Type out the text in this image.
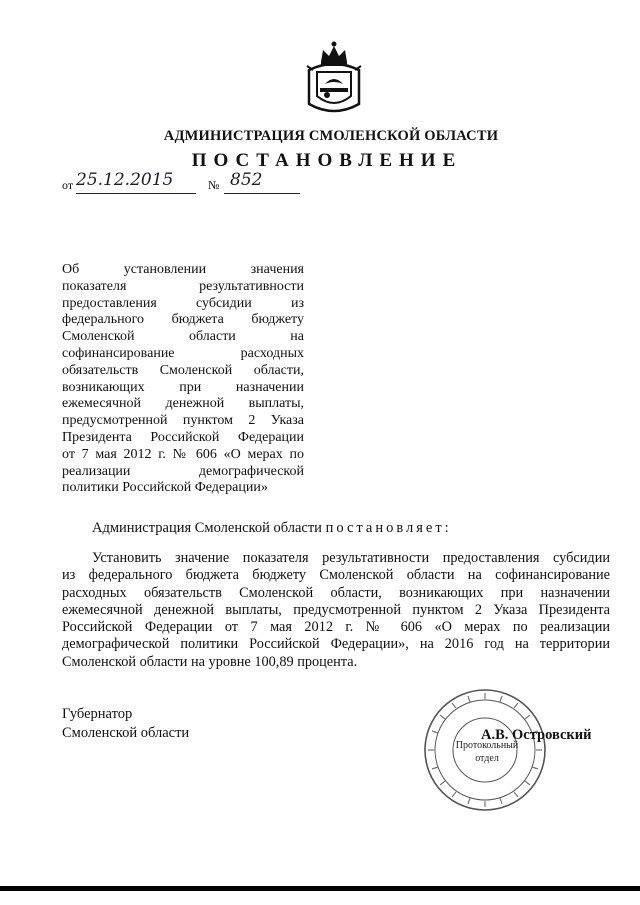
АДМИНИСТРАЦИЯ СМОЛЕНСКОЙ ОБЛАСТИ
ПОСТАНОВЛЕНИЕ
от 25.12.2015	№ 852
Об	установлении	значения
показателя	результативности
предоставления	субсидии	из
федерального бюджета бюджету
Смоленской	области	на
софинансирование	расходных
обязательств Смоленской области,
возникающих при назначении
ежемесячной денежной выплаты,
предусмотренной пунктом 2 Указа
Президента Российской Федерации
от 7 мая 2012 г. № 606 «О мерах по
реализации	демографической
политики Российской Федерации»
Администрация Смоленской области постановляет:
Установить значение показателя результативности предоставления субсидии
из федерального бюджета бюджету Смоленской области на софинансирование
расходных обязательств Смоленской области, возникающих при назначении
ежемесячной денежной выплаты, предусмотренной пунктом 2 Указа Президента
Российской Федерации от 7 мая 2012 г. № 606 «О мерах по реализации
демографической политики Российской Федерации», на 2016 год на территории
Смоленской области на уровне 100,89 процента.
Губернатор
Смоленской области
Протокольный
отдел
А.В. Островский
